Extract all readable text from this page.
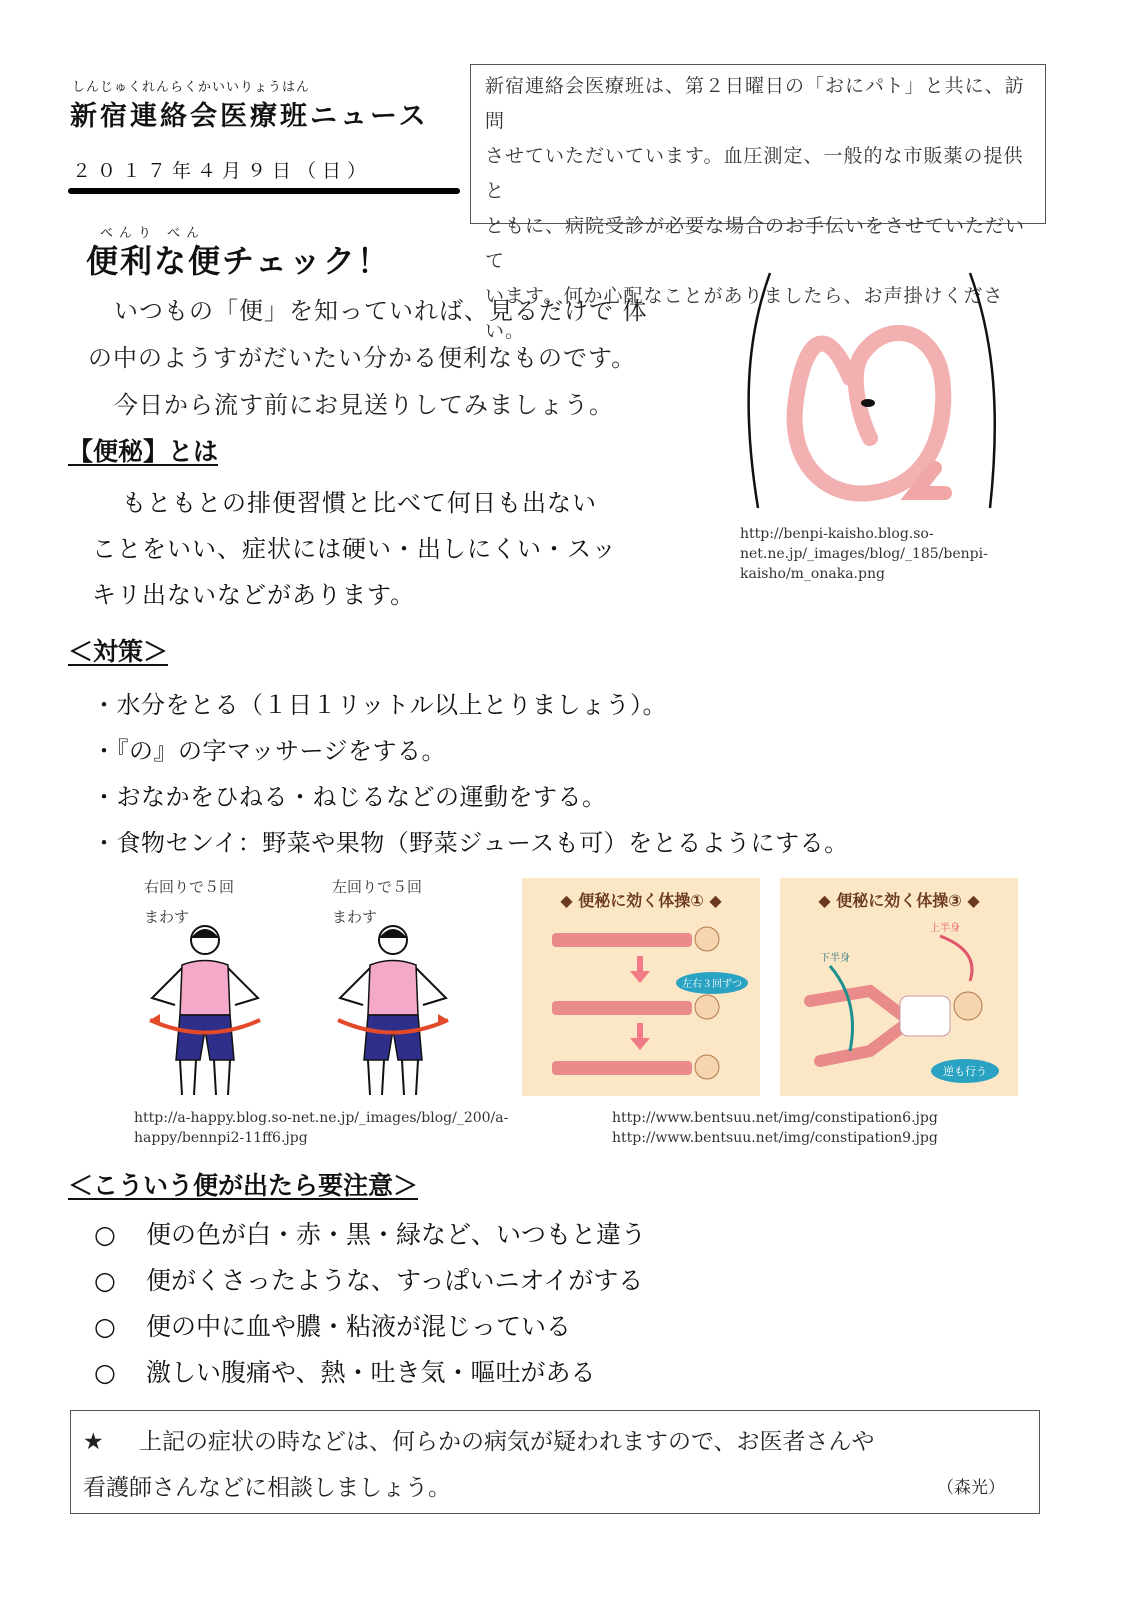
しんじゅくれんらくかいいりょうはん
新宿連絡会医療班ニュース
２０１７年４月９日（日）
新宿連絡会医療班は、第２日曜日の「おにパト」と共に、訪問
させていただいています。血圧測定、一般的な市販薬の提供と
ともに、病院受診が必要な場合のお手伝いをさせていただいて
います。何か心配なことがありましたら、お声掛けください。
べんり べん
便利な便チェック！

いつもの「便」を知っていれば、見るだけで 体

の中のようすがだいたい分かる便利なものです。

今日から流す前にお見送りしてみましょう。

http://benpi-kaisho.blog.so-net.ne.jp/_images/blog/_185/benpi-kaisho/m_onaka.png
【便秘】とは

もともとの排便習慣と比べて何日も出ない

ことをいい、症状には硬い・出しにくい・スッ

キリ出ないなどがあります。

＜対策＞
・水分をとる（１日１リットル以上とりましょう）。
・『の』の字マッサージをする。
・おなかをひねる・ねじるなどの運動をする。
・食物センイ：野菜や果物（野菜ジュースも可）をとるようにする。
右回りで５回
まわす
左回りで５回
まわす
◆ 便秘に効く体操① ◆
左右３回ずつ
◆ 便秘に効く体操③ ◆
上半身
下半身
逆も行う
http://a-happy.blog.so-net.ne.jp/_images/blog/_200/a-happy/bennpi2-11ff6.jpg
http://www.bentsuu.net/img/constipation6.jpg
http://www.bentsuu.net/img/constipation9.jpg
＜こういう便が出たら要注意＞
○	便の色が白・赤・黒・緑など、いつもと違う
○	便がくさったような、すっぱいニオイがする
○	便の中に血や膿・粘液が混じっている
○	激しい腹痛や、熱・吐き気・嘔吐がある
★ 上記の症状の時などは、何らかの病気が疑われますので、お医者さんや
看護師さんなどに相談しましょう。	（森光）
